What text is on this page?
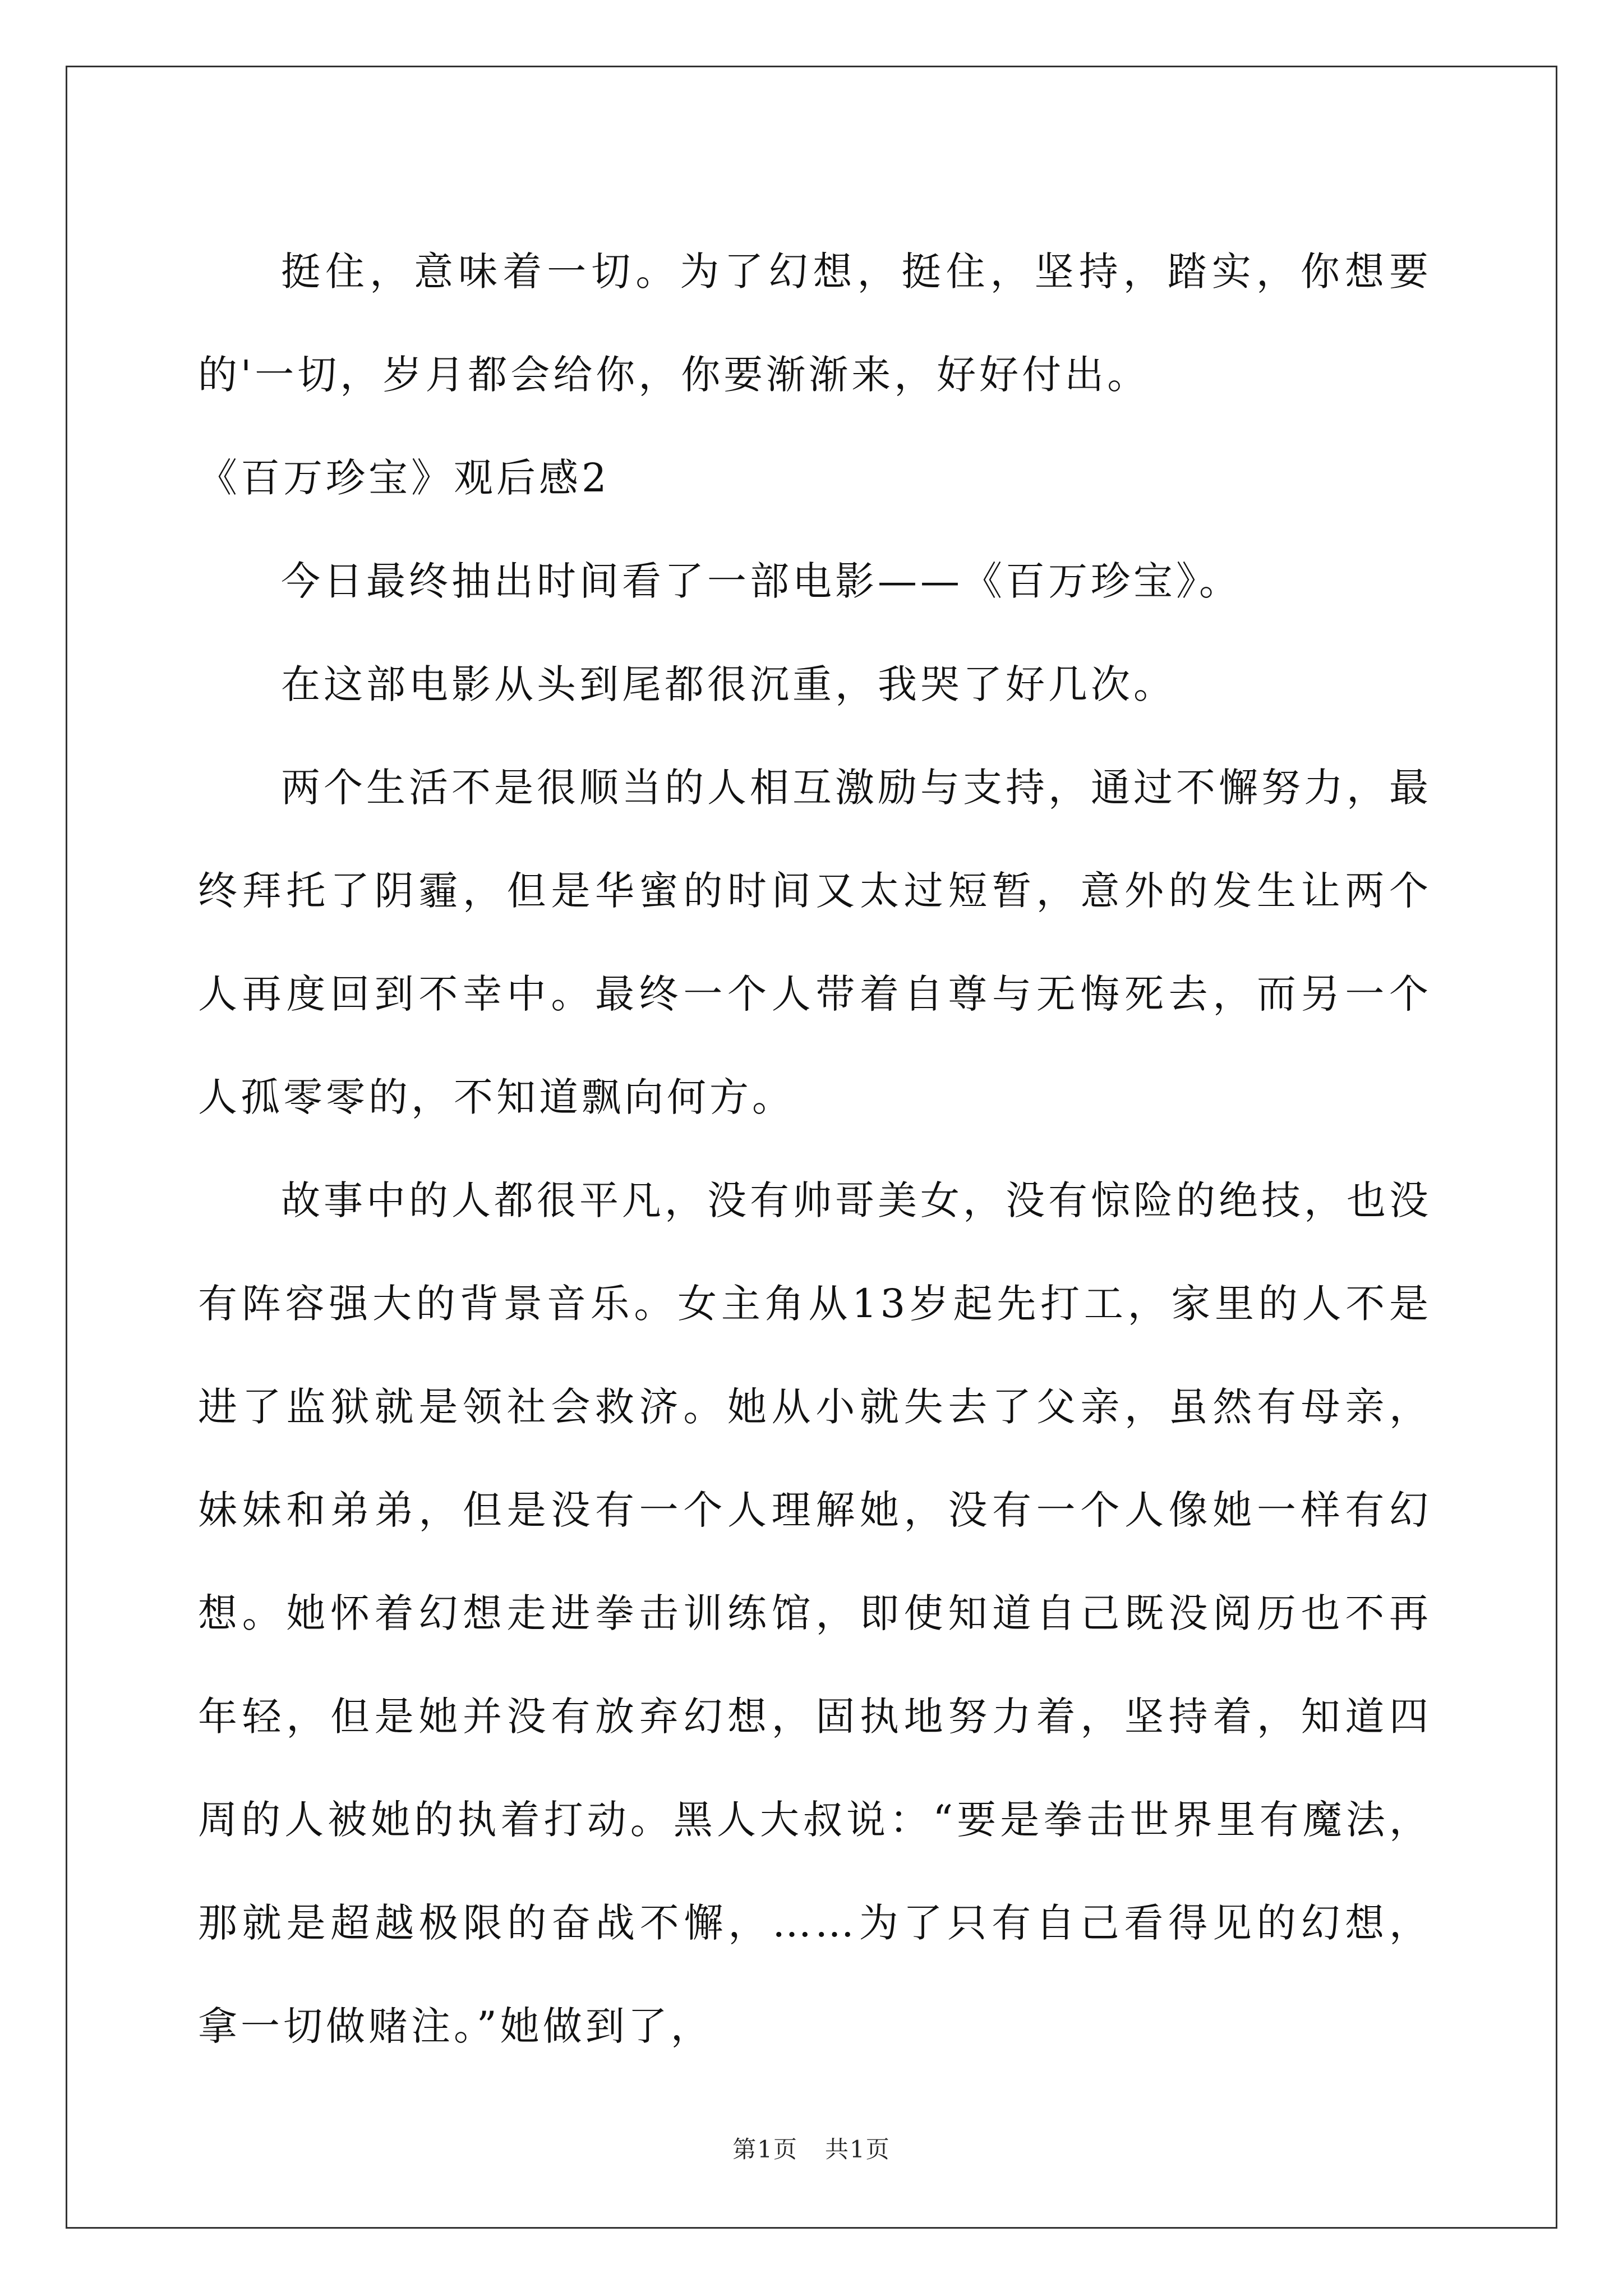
挺住，意味着一切。为了幻想，挺住，坚持，踏实，你想要的'一切，岁月都会给你，你要渐渐来，好好付出。

《百万珍宝》观后感2

今日最终抽出时间看了一部电影——《百万珍宝》。

在这部电影从头到尾都很沉重，我哭了好几次。

两个生活不是很顺当的人相互激励与支持，通过不懈努力，最终拜托了阴霾，但是华蜜的时间又太过短暂，意外的发生让两个人再度回到不幸中。最终一个人带着自尊与无悔死去，而另一个人孤零零的，不知道飘向何方。

故事中的人都很平凡，没有帅哥美女，没有惊险的绝技，也没有阵容强大的背景音乐。女主角从13岁起先打工，家里的人不是进了监狱就是领社会救济。她从小就失去了父亲，虽然有母亲，妹妹和弟弟，但是没有一个人理解她，没有一个人像她一样有幻想。她怀着幻想走进拳击训练馆，即使知道自己既没阅历也不再年轻，但是她并没有放弃幻想，固执地努力着，坚持着，知道四周的人被她的执着打动。黑人大叔说：“要是拳击世界里有魔法，那就是超越极限的奋战不懈，……为了只有自己看得见的幻想，拿一切做赌注。”她做到了，

第1页 共1页
